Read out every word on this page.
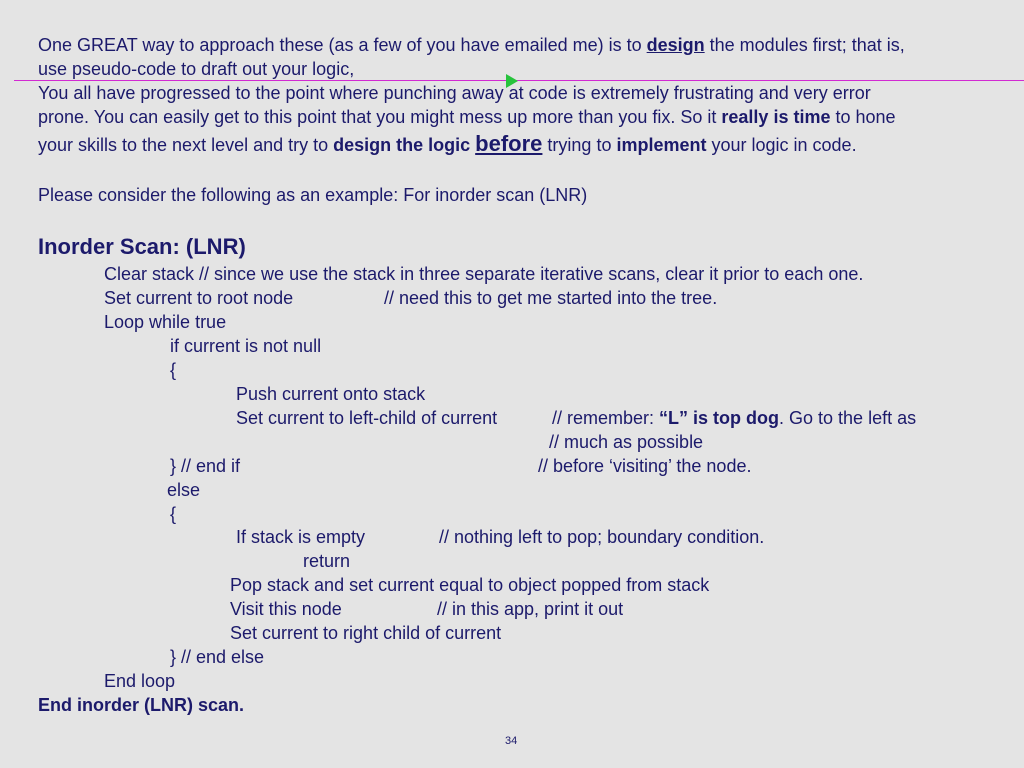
One GREAT way to approach these (as a few of you have emailed me) is to design the modules first; that is,
use pseudo-code to draft out your logic,
You all have progressed to the point where punching away at code is extremely frustrating and very error
prone. You can easily get to this point that you might mess up more than you fix. So it really is time to hone
your skills to the next level and try to design the logic before trying to implement your logic in code.
Please consider the following as an example: For inorder scan (LNR)
Inorder Scan: (LNR)
Clear stack // since we use the stack in three separate iterative scans, clear it prior to each one.
Set current to root node	// need this to get me started into the tree.
Loop while true
if current is not null
{
Push current onto stack
Set current to left-child of current	// remember: “L” is top dog. Go to the left as
// much as possible
} // end if	// before ‘visiting’ the node.
else
{
If stack is empty	// nothing left to pop; boundary condition.
return
Pop stack and set current equal to object popped from stack
Visit this node	// in this app, print it out
Set current to right child of current
} // end else
End loop
End inorder (LNR) scan.
34
